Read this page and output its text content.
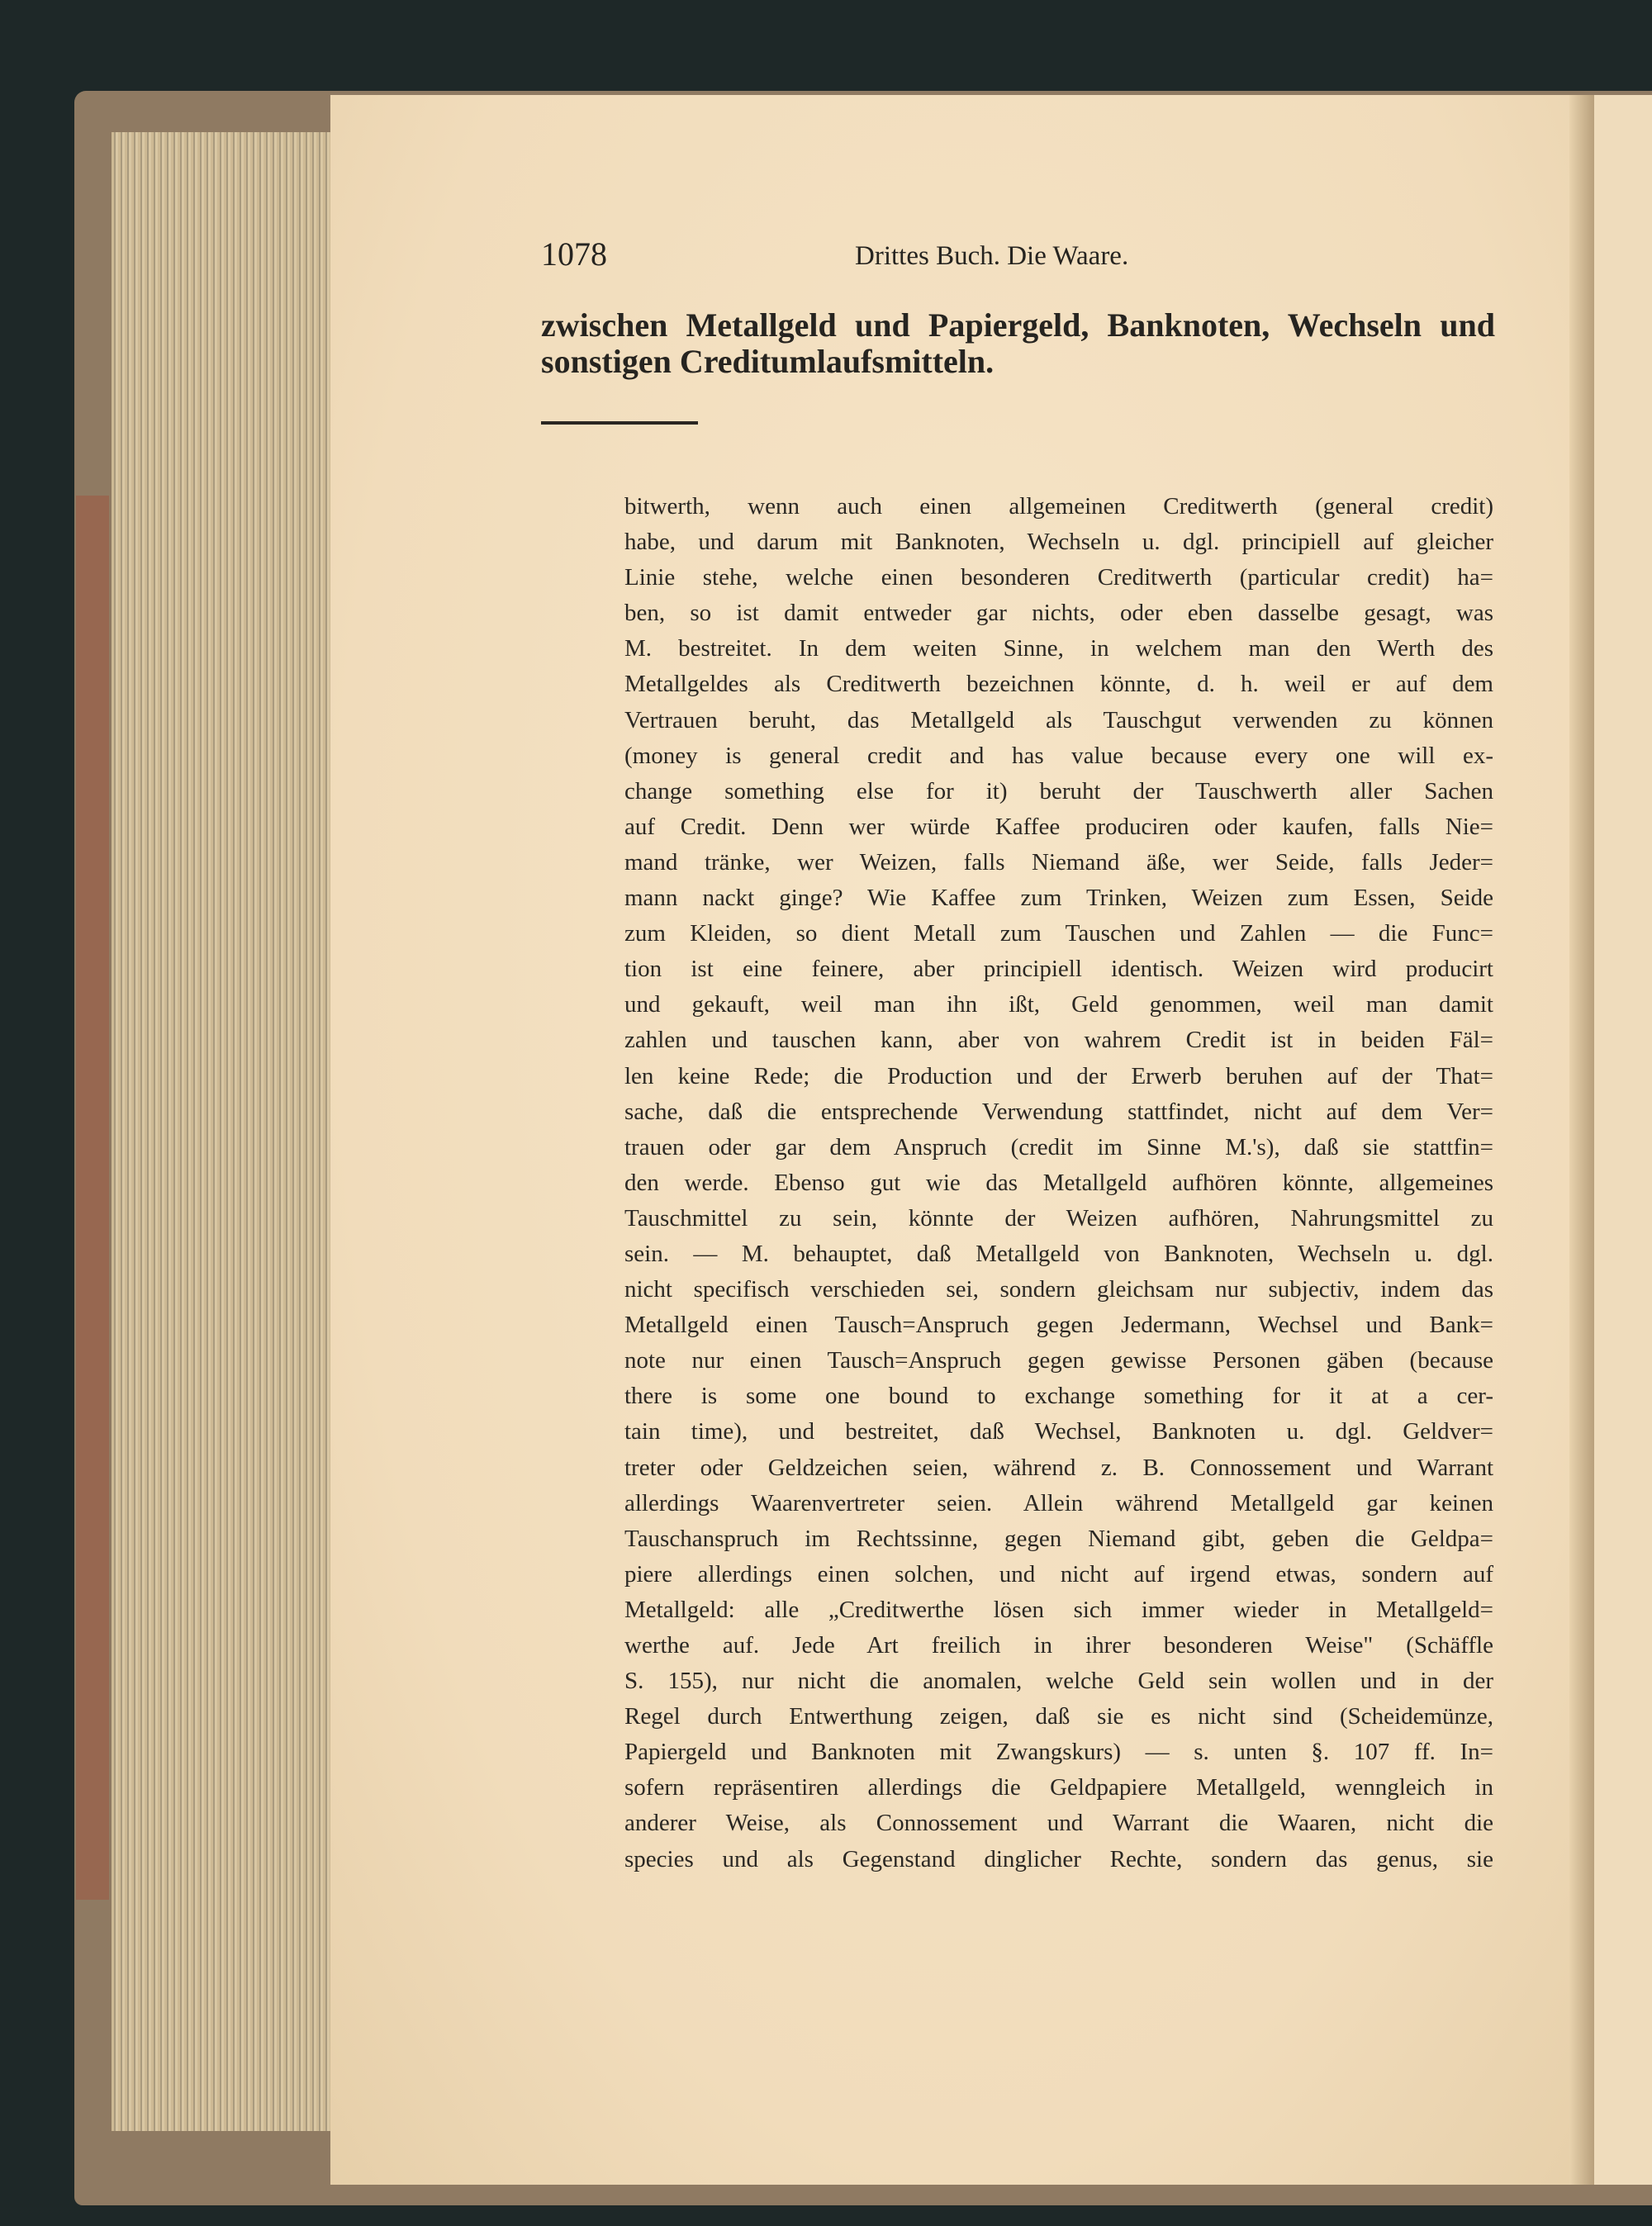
1078	Drittes Buch. Die Waare.
zwischen Metallgeld und Papiergeld, Banknoten, Wechseln und
sonstigen Creditumlaufsmitteln.
bitwerth, wenn auch einen allgemeinen Creditwerth (general credit)
habe, und darum mit Banknoten, Wechseln u. dgl. principiell auf gleicher
Linie stehe, welche einen besonderen Creditwerth (particular credit) ha=
ben, so ist damit entweder gar nichts, oder eben dasselbe gesagt, was
M. bestreitet. In dem weiten Sinne, in welchem man den Werth des
Metallgeldes als Creditwerth bezeichnen könnte, d. h. weil er auf dem
Vertrauen beruht, das Metallgeld als Tauschgut verwenden zu können
(money is general credit and has value because every one will ex-
change something else for it) beruht der Tauschwerth aller Sachen
auf Credit. Denn wer würde Kaffee produciren oder kaufen, falls Nie=
mand tränke, wer Weizen, falls Niemand äße, wer Seide, falls Jeder=
mann nackt ginge? Wie Kaffee zum Trinken, Weizen zum Essen, Seide
zum Kleiden, so dient Metall zum Tauschen und Zahlen — die Func=
tion ist eine feinere, aber principiell identisch. Weizen wird producirt
und gekauft, weil man ihn ißt, Geld genommen, weil man damit
zahlen und tauschen kann, aber von wahrem Credit ist in beiden Fäl=
len keine Rede; die Production und der Erwerb beruhen auf der That=
sache, daß die entsprechende Verwendung stattfindet, nicht auf dem Ver=
trauen oder gar dem Anspruch (credit im Sinne M.'s), daß sie stattfin=
den werde. Ebenso gut wie das Metallgeld aufhören könnte, allgemeines
Tauschmittel zu sein, könnte der Weizen aufhören, Nahrungsmittel zu
sein. — M. behauptet, daß Metallgeld von Banknoten, Wechseln u. dgl.
nicht specifisch verschieden sei, sondern gleichsam nur subjectiv, indem das
Metallgeld einen Tausch=Anspruch gegen Jedermann, Wechsel und Bank=
note nur einen Tausch=Anspruch gegen gewisse Personen gäben (because
there is some one bound to exchange something for it at a cer-
tain time), und bestreitet, daß Wechsel, Banknoten u. dgl. Geldver=
treter oder Geldzeichen seien, während z. B. Connossement und Warrant
allerdings Waarenvertreter seien. Allein während Metallgeld gar keinen
Tauschanspruch im Rechtssinne, gegen Niemand gibt, geben die Geldpa=
piere allerdings einen solchen, und nicht auf irgend etwas, sondern auf
Metallgeld: alle „Creditwerthe lösen sich immer wieder in Metallgeld=
werthe auf. Jede Art freilich in ihrer besonderen Weise" (Schäffle
S. 155), nur nicht die anomalen, welche Geld sein wollen und in der
Regel durch Entwerthung zeigen, daß sie es nicht sind (Scheidemünze,
Papiergeld und Banknoten mit Zwangskurs) — s. unten §. 107 ff. In=
sofern repräsentiren allerdings die Geldpapiere Metallgeld, wenngleich in
anderer Weise, als Connossement und Warrant die Waaren, nicht die
species und als Gegenstand dinglicher Rechte, sondern das genus, sie
